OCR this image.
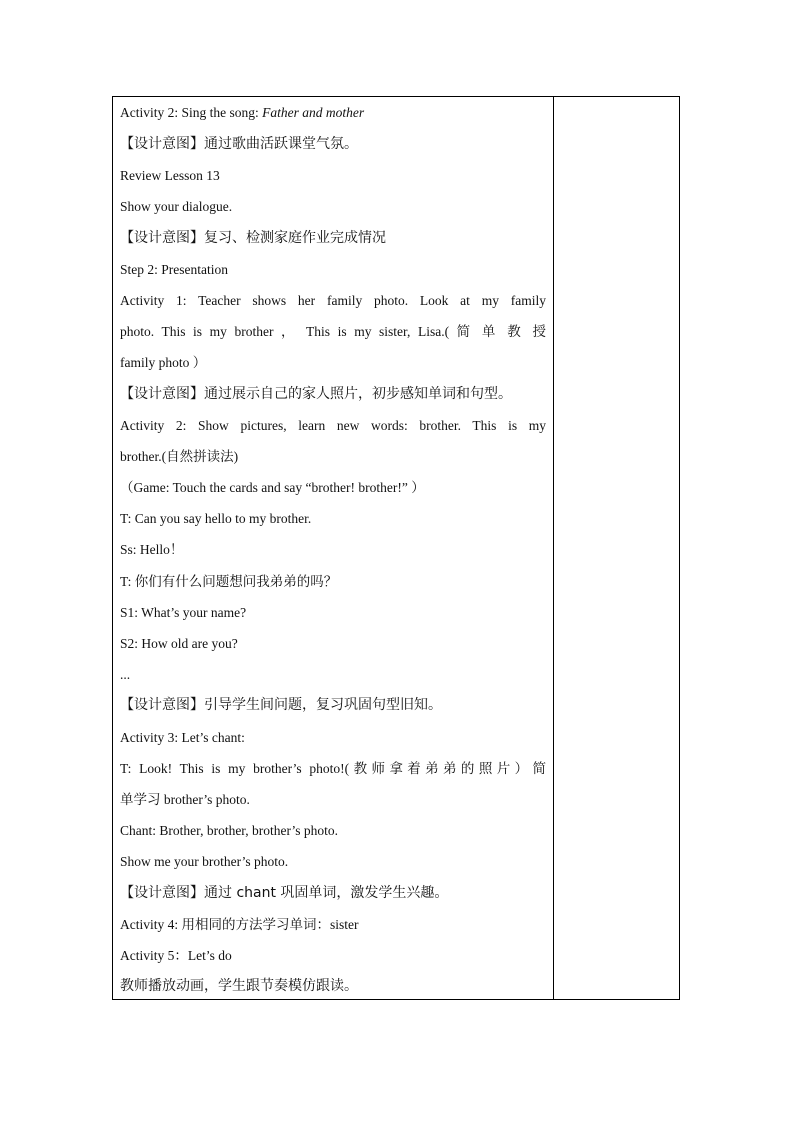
Activity 2: Sing the song: Father and mother
【设计意图】通过歌曲活跃课堂气氛。
Review Lesson 13
Show your dialogue.
【设计意图】复习、检测家庭作业完成情况
Step 2: Presentation
Activity 1: Teacher shows her family photo. Look at my family
photo. This is my brother ， This is my sister, Lisa.( 简 单 教 授
family photo ）
【设计意图】通过展示自己的家人照片，初步感知单词和句型。
Activity 2: Show pictures, learn new words: brother. This is my
brother.(自然拼读法)
（Game: Touch the cards and say “brother! brother!” ）
T: Can you say hello to my brother.
Ss: Hello！
T: 你们有什么问题想问我弟弟的吗？
S1: What’s your name?
S2: How old are you?
...
【设计意图】引导学生间问题，复习巩固句型旧知。
Activity 3: Let’s chant:
T: Look! This is my brother’s photo!(教师拿着弟弟的照片）简
单学习 brother’s photo.
Chant: Brother, brother, brother’s photo.
Show me your brother’s photo.
【设计意图】通过 chant 巩固单词，激发学生兴趣。
Activity 4: 用相同的方法学习单词：sister
Activity 5：Let’s do
教师播放动画，学生跟节奏模仿跟读。
